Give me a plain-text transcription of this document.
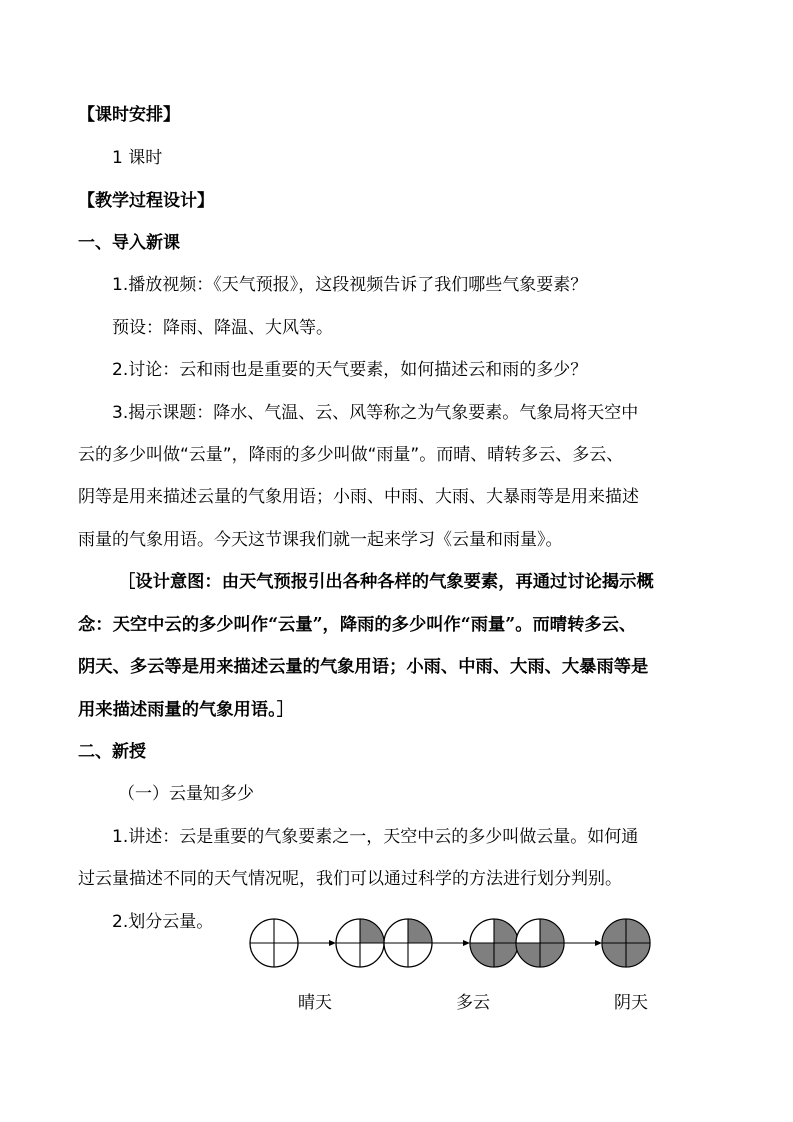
【课时安排】
1 课时
【教学过程设计】
一、导入新课
1.播放视频：《天气预报》，这段视频告诉了我们哪些气象要素？
预设：降雨、降温、大风等。
2.讨论：云和雨也是重要的天气要素，如何描述云和雨的多少？
3.揭示课题：降水、气温、云、风等称之为气象要素。气象局将天空中
云的多少叫做“云量”，降雨的多少叫做“雨量”。而晴、晴转多云、多云、
阴等是用来描述云量的气象用语；小雨、中雨、大雨、大暴雨等是用来描述
雨量的气象用语。今天这节课我们就一起来学习《云量和雨量》。
［设计意图：由天气预报引出各种各样的气象要素，再通过讨论揭示概
念：天空中云的多少叫作“云量”，降雨的多少叫作“雨量”。而晴转多云、
阴天、多云等是用来描述云量的气象用语；小雨、中雨、大雨、大暴雨等是
用来描述雨量的气象用语。］
二、新授
（一）云量知多少
1.讲述：云是重要的气象要素之一，天空中云的多少叫做云量。如何通
过云量描述不同的天气情况呢，我们可以通过科学的方法进行划分判别。
2.划分云量。
晴天	多云	阴天
